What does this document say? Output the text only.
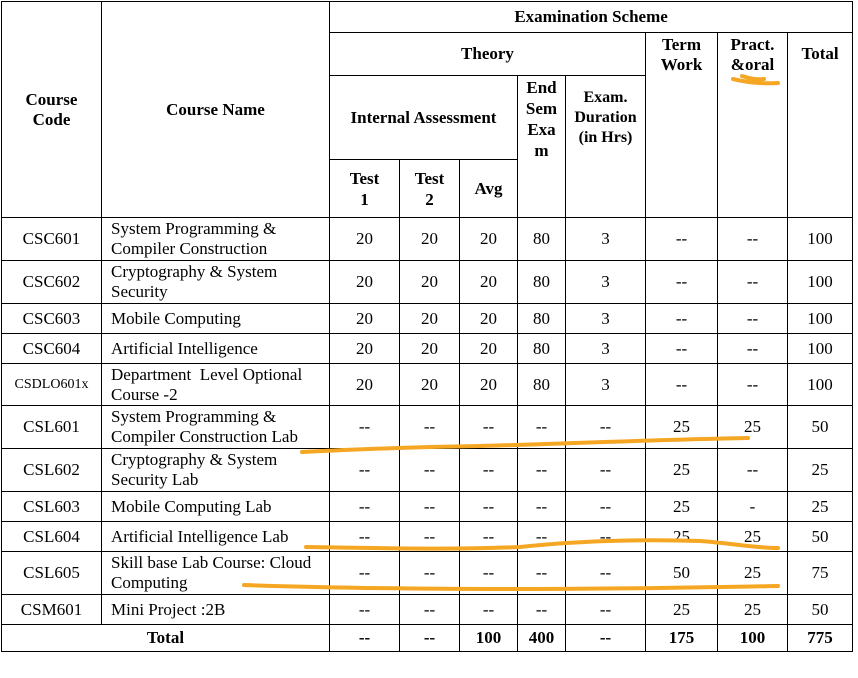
Course Code	Course Name	Examination Scheme							
		Theory					Term Work	Pract. &oral	Total
		Internal Assessment			End Sem Exa m	Exam. Duration (in Hrs)			
		Test 1	Test 2	Avg					
CSC601	System Programming & Compiler Construction	20	20	20	80	3	--	--	100
CSC602	Cryptography & System Security	20	20	20	80	3	--	--	100
CSC603	Mobile Computing	20	20	20	80	3	--	--	100
CSC604	Artificial Intelligence	20	20	20	80	3	--	--	100
CSDLO601x	Department  Level Optional Course -2	20	20	20	80	3	--	--	100
CSL601	System Programming & Compiler Construction Lab	--	--	--	--	--	25	25	50
CSL602	Cryptography & System Security Lab	--	--	--	--	--	25	--	25
CSL603	Mobile Computing Lab	--	--	--	--	--	25	-	25
CSL604	Artificial Intelligence Lab	--	--	--	--	--	25	25	50
CSL605	Skill base Lab Course: Cloud Computing	--	--	--	--	--	50	25	75
CSM601	Mini Project :2B	--	--	--	--	--	25	25	50
Total		--	--	100	400	--	175	100	775
